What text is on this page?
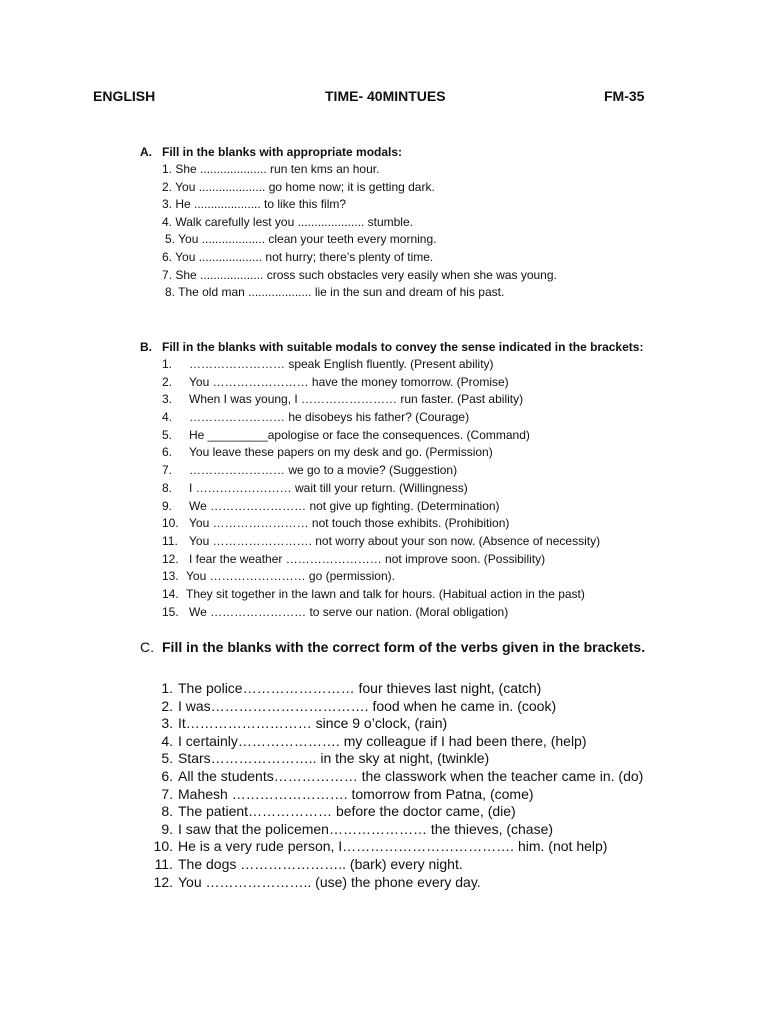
ENGLISH	TIME- 40MINTUES	FM-35
A. Fill in the blanks with appropriate modals:
1. She .................... run ten kms an hour.
2. You .................... go home now; it is getting dark.
3. He .................... to like this film?
4. Walk carefully lest you .................... stumble.
5. You ................... clean your teeth every morning.
6. You ................... not hurry; there’s plenty of time.
7. She ................... cross such obstacles very easily when she was young.
8. The old man ................... lie in the sun and dream of his past.
B. Fill in the blanks with suitable modals to convey the sense indicated in the brackets:
1. …………………… speak English fluently. (Present ability)
2. You …………………… have the money tomorrow. (Promise)
3. When I was young, I …………………… run faster. (Past ability)
4. …………………… he disobeys his father? (Courage)
5. He _________apologise or face the consequences. (Command)
6. You leave these papers on my desk and go. (Permission)
7. …………………… we go to a movie? (Suggestion)
8. I …………………… wait till your return. (Willingness)
9. We …………………… not give up fighting. (Determination)
10. You …………………… not touch those exhibits. (Prohibition)
11. You ……………………. not worry about your son now. (Absence of necessity)
12. I fear the weather …………………… not improve soon. (Possibility)
13. You …………………… go (permission).
14. They sit together in the lawn and talk for hours. (Habitual action in the past)
15. We …………………… to serve our nation. (Moral obligation)
C. Fill in the blanks with the correct form of the verbs given in the brackets.
1. The police…………………… four thieves last night, (catch)
2. I was……………………………. food when he came in. (cook)
3. It……………………… since 9 o’clock, (rain)
4. I certainly…………………. my colleague if I had been there, (help)
5. Stars………………….. in the sky at night, (twinkle)
6. All the students……………… the classwork when the teacher came in. (do)
7. Mahesh ……………………. tomorrow from Patna, (come)
8. The patient……………… before the doctor came, (die)
9. I saw that the policemen………………… the thieves, (chase)
10. He is a very rude person, I………………………………. him. (not help)
11. The dogs ………………….. (bark) every night.
12. You ………………….. (use) the phone every day.
